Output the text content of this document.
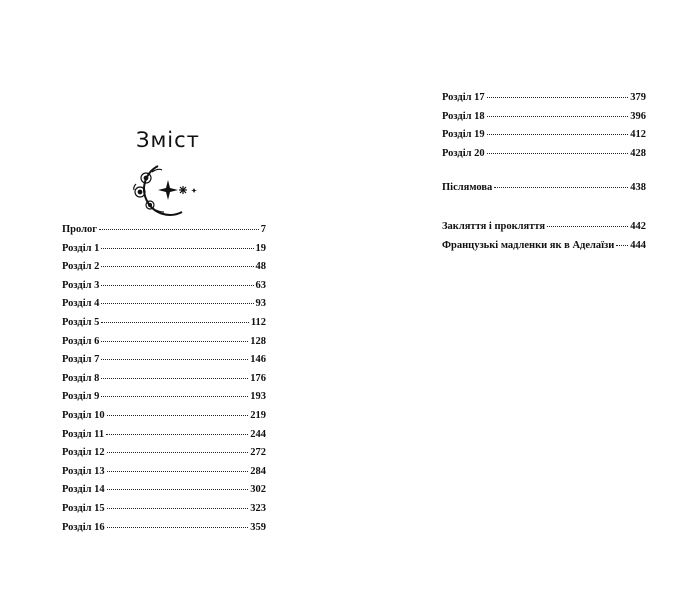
Зміст
Пролог	7
Розділ 1	19
Розділ 2	48
Розділ 3	63
Розділ 4	93
Розділ 5	112
Розділ 6	128
Розділ 7	146
Розділ 8	176
Розділ 9	193
Розділ 10	219
Розділ 11	244
Розділ 12	272
Розділ 13	284
Розділ 14	302
Розділ 15	323
Розділ 16	359
Розділ 17	379
Розділ 18	396
Розділ 19	412
Розділ 20	428
Післямова	438
Закляття і прокляття	442
Французькі мадленки як в Аделаїзи 444
